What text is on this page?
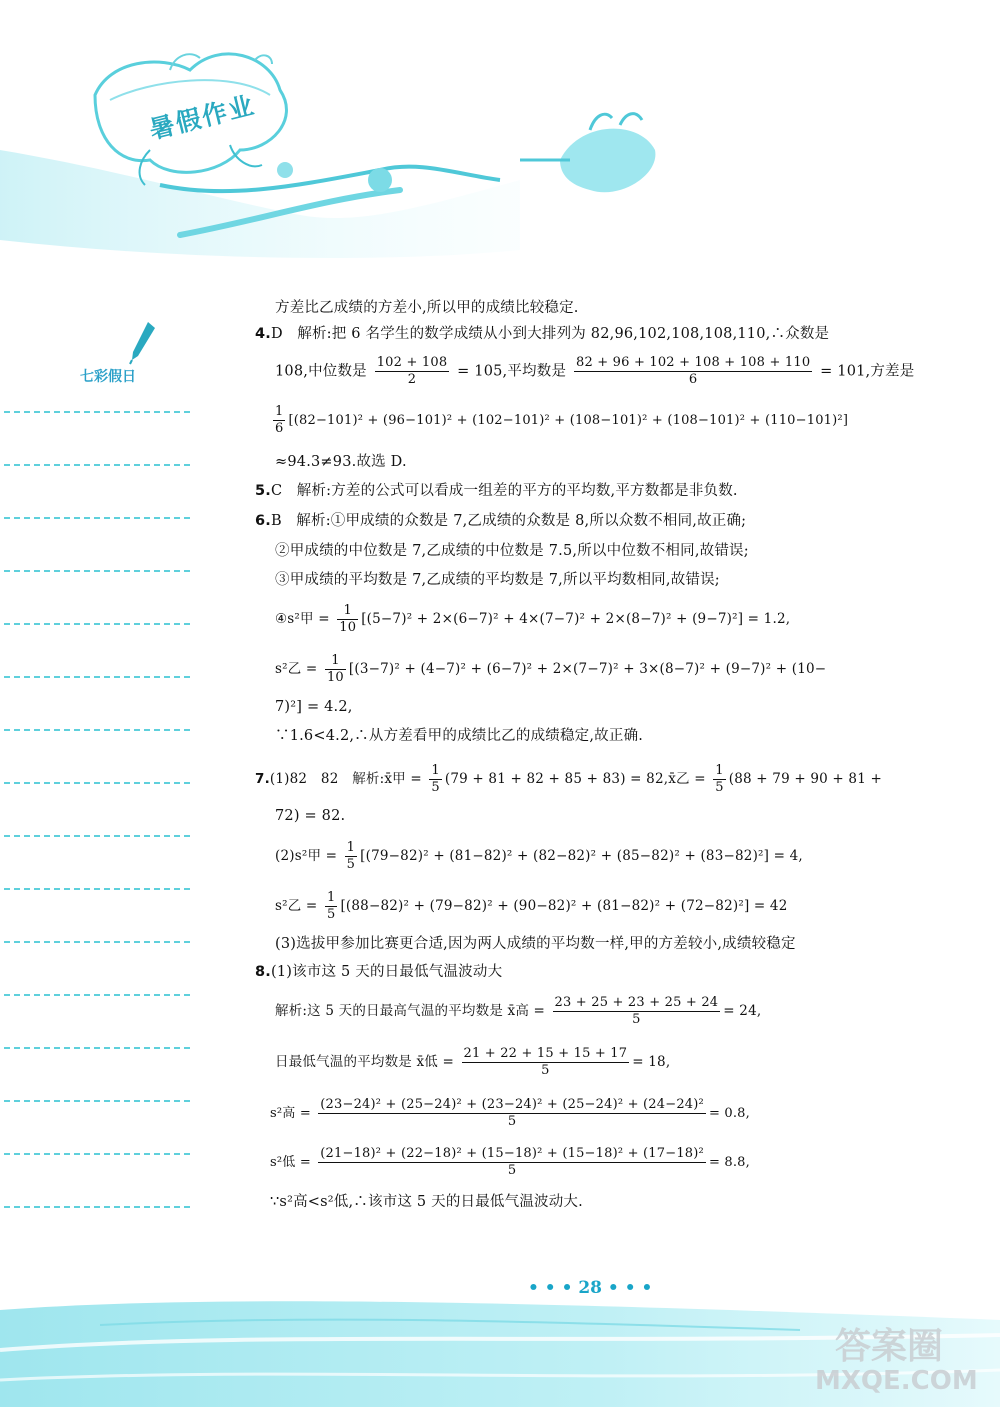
暑假作业
七彩假日
方差比乙成绩的方差小,所以甲的成绩比较稳定.
4.D 解析:把 6 名学生的数学成绩从小到大排列为 82,96,102,108,108,110,∴众数是
108,中位数是 $\frac{102 + 108}{2} = 105$,平均数是 $\frac{82 + 96 + 102 + 108 + 108 + 110}{6} = 101$,方差是
$\frac{1}{6} [(82-101)^2 + (96-101)^2 + (102-101)^2 + (108-101)^2 + (108-101)^2 + (110-101)^2]$
≈94.3≠93.故选 D.
5.C 解析:方差的公式可以看成一组差的平方的平均数,平方数都是非负数.
6.B 解析:①甲成绩的众数是 7,乙成绩的众数是 8,所以众数不相同,故正确;
②甲成绩的中位数是 7,乙成绩的中位数是 7.5,所以中位数不相同,故错误;
③甲成绩的平均数是 7,乙成绩的平均数是 7,所以平均数相同,故错误;
④s²甲 = $\frac{1}{10} [(5-7)^2 + 2\times(6-7)^2 + 4\times(7-7)^2 + 2\times(8-7)^2 + (9-7)^2] = 1.2$,
s²乙 = $\frac{1}{10} [(3-7)^2 + (4-7)^2 + (6-7)^2 + 2\times(7-7)^2 + 3\times(8-7)^2 + (9-7)^2 + (10-$
7)²] = 4.2,
∵1.6<4.2,∴从方差看甲的成绩比乙的成绩稳定,故正确.
7.(1)82　82　解析:x̄甲 = $\frac{1}{5} (79 + 81 + 82 + 85 + 83)$ = 82,x̄乙 = $\frac{1}{5} (88 + 79 + 90 + 81$ +
72) = 82.
(2)s²甲 = $\frac{1}{5} [(79-82)^2 + (81-82)^2 + (82-82)^2 + (85-82)^2 + (83-82)^2] = 4$,
s²乙 = $\frac{1}{5} [(88-82)^2 + (79-82)^2 + (90-82)^2 + (81-82)^2 + (72-82)^2] = 42$
(3)选拔甲参加比赛更合适,因为两人成绩的平均数一样,甲的方差较小,成绩较稳定
8.(1)该市这 5 天的日最低气温波动大
解析:这 5 天的日最高气温的平均数是 x̄高 = $\frac{23 + 25 + 23 + 25 + 24}{5} = 24$,
日最低气温的平均数是 x̄低 = $\frac{21 + 22 + 15 + 15 + 17}{5} = 18$,
s²高 = $\frac{\text{(23−24)² + (25−24)² + (23−24)² + (25−24)² + (24−24)²}}{5} = 0.8$,
s²低 = $\frac{\text{(21−18)² + (22−18)² + (15−18)² + (15−18)² + (17−18)²}}{5} = 8.8$,
∵s²高<s²低,∴该市这 5 天的日最低气温波动大.
• • • 28 • • •
答案圈
MXQE.COM
